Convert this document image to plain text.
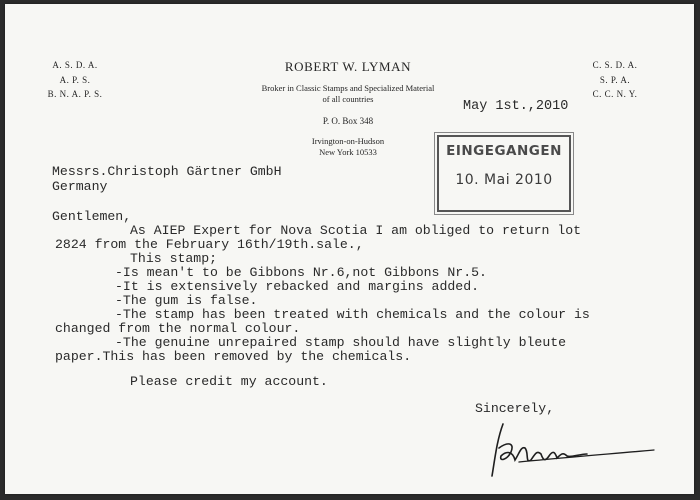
A. S. D. A.
A. P. S.
B. N. A. P. S.
ROBERT W. LYMAN
Broker in Classic Stamps and Specialized Material
of all countries
P. O. Box 348
Irvington-on-Hudson
New York 10533
C. S. D. A.
S. P. A.
C. C. N. Y.
May 1st.,2010
EINGEGANGEN
10. Mai 2010
Messrs.Christoph Gärtner GmbH
Germany
Gentlemen,
As AIEP Expert for Nova Scotia I am obliged to return lot
2824 from the February 16th/19th.sale.,
This stamp;
-Is mean't to be Gibbons Nr.6,not Gibbons Nr.5.
-It is extensively rebacked and margins added.
-The gum is false.
-The stamp has been treated with chemicals and the colour is
changed from the normal colour.
-The genuine unrepaired stamp should have slightly bleute
paper.This has been removed by the chemicals.
Please credit my account.
Sincerely,
